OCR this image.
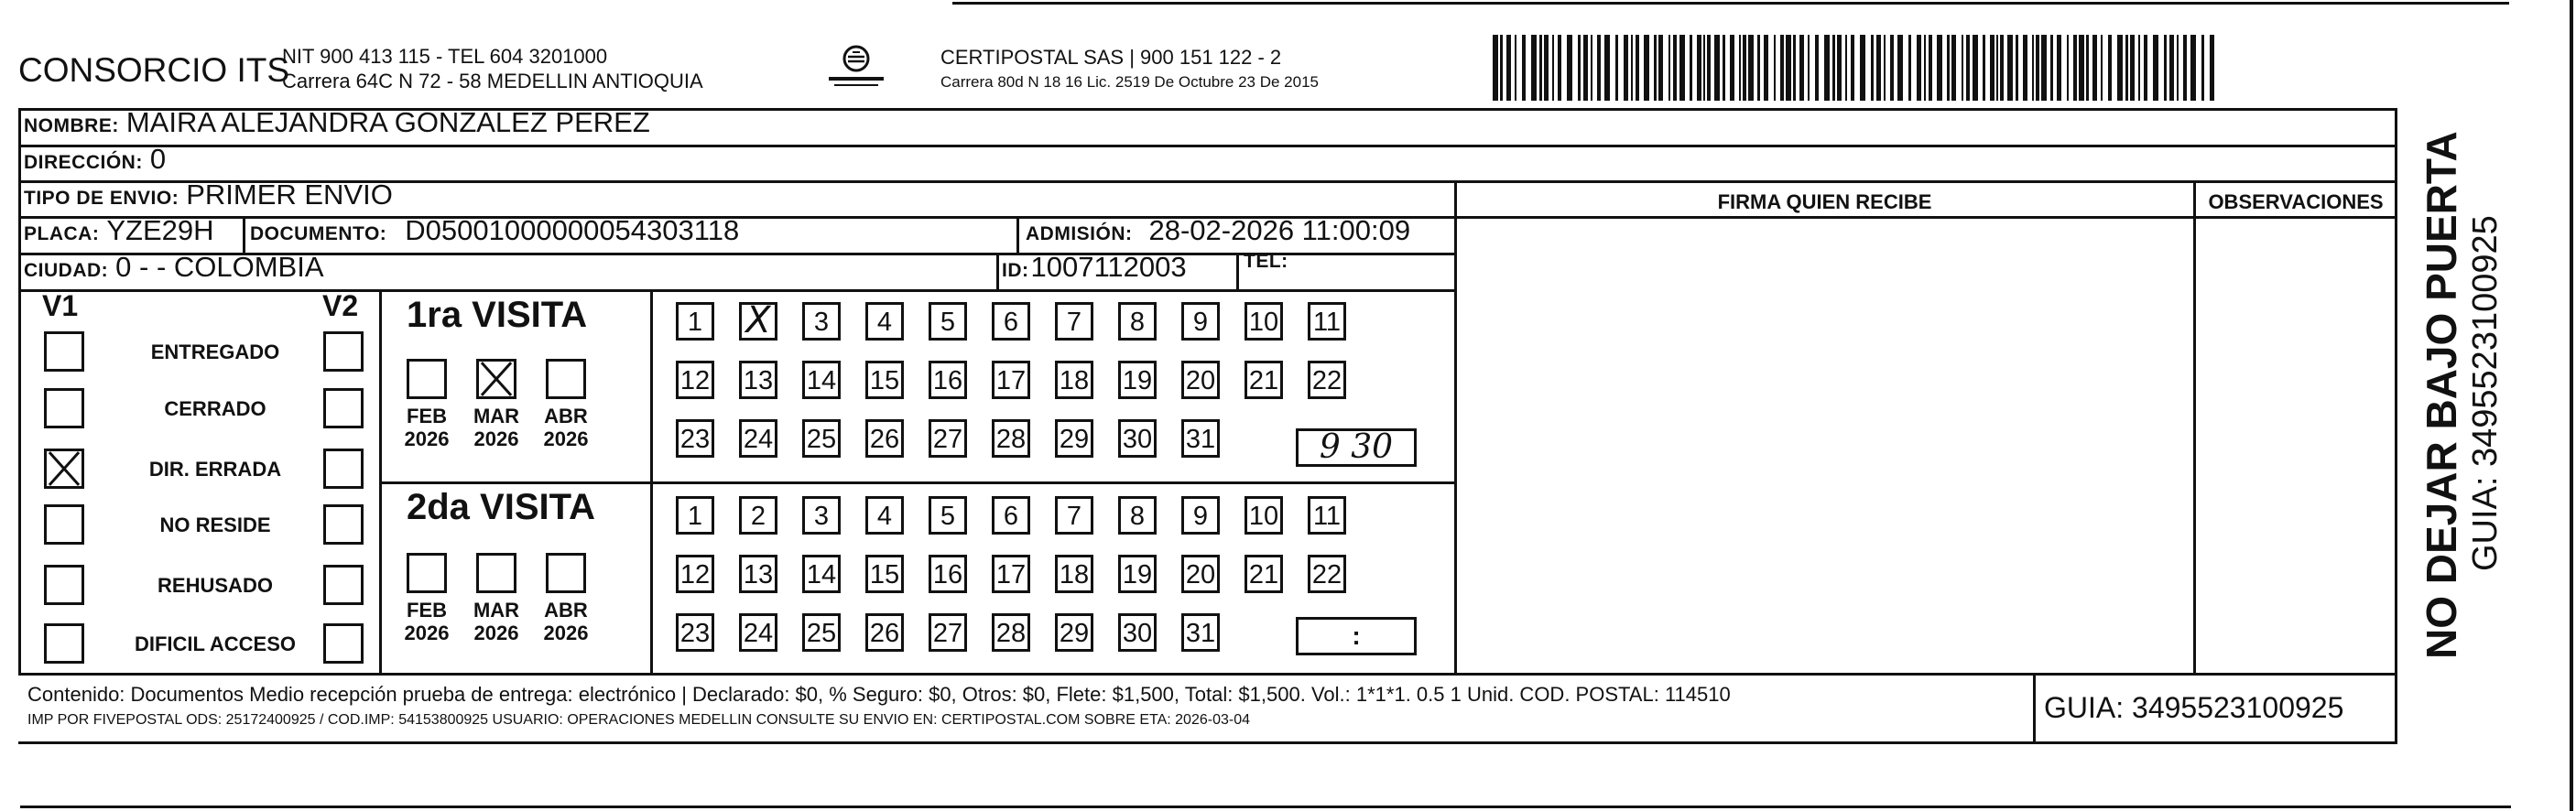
CONSORCIO ITS
NIT 900 413 115 - TEL 604 3201000
Carrera 64C N 72 - 58 MEDELLIN ANTIOQUIA
CERTIPOSTAL SAS | 900 151 122 - 2
Carrera 80d N 18 16 Lic. 2519 De Octubre 23 De 2015
NOMBRE: MAIRA ALEJANDRA GONZALEZ PEREZ
DIRECCIÓN: 0
TIPO DE ENVIO: PRIMER ENVIO	FIRMA QUIEN RECIBE	OBSERVACIONES
PLACA: YZE29H DOCUMENTO: D05001000000054303118	ADMISIÓN: 28-02-2026 11:00:09
CIUDAD: 0 - - COLOMBIA	ID: 1007112003	TEL:
V1	V2 1ra VISITA
9 30
2da VISITA
:
Contenido: Documentos Medio recepción prueba de entrega: electrónico | Declarado: $0, % Seguro: $0, Otros: $0, Flete: $1,500, Total: $1,500. Vol.: 1*1*1. 0.5 1 Unid. COD. POSTAL: 114510
IMP POR FIVEPOSTAL ODS: 25172400925 / COD.IMP: 54153800925 USUARIO: OPERACIONES MEDELLIN CONSULTE SU ENVIO EN: CERTIPOSTAL.COM SOBRE ETA: 2026-03-04	GUIA: 3495523100925
NO DEJAR BAJO PUERTA GUIA: 3495523100925
ENTREGADO
CERRADO
DIR. ERRADA
NO RESIDE
REHUSADO
DIFICIL ACCESO
FEB
2026
MAR
2026
ABR
2026
FEB
2026
MAR
2026
ABR
2026
1	X	3	4	5	6	7	8	9	10 11
12 13 14 15 16 17 18 19 20 21 22
23 24 25 26 27 28 29 30 31
1	2	3	4	5	6	7	8	9	10 11
12 13 14 15 16 17 18 19 20 21 22
23 24 25 26 27 28 29 30 31
